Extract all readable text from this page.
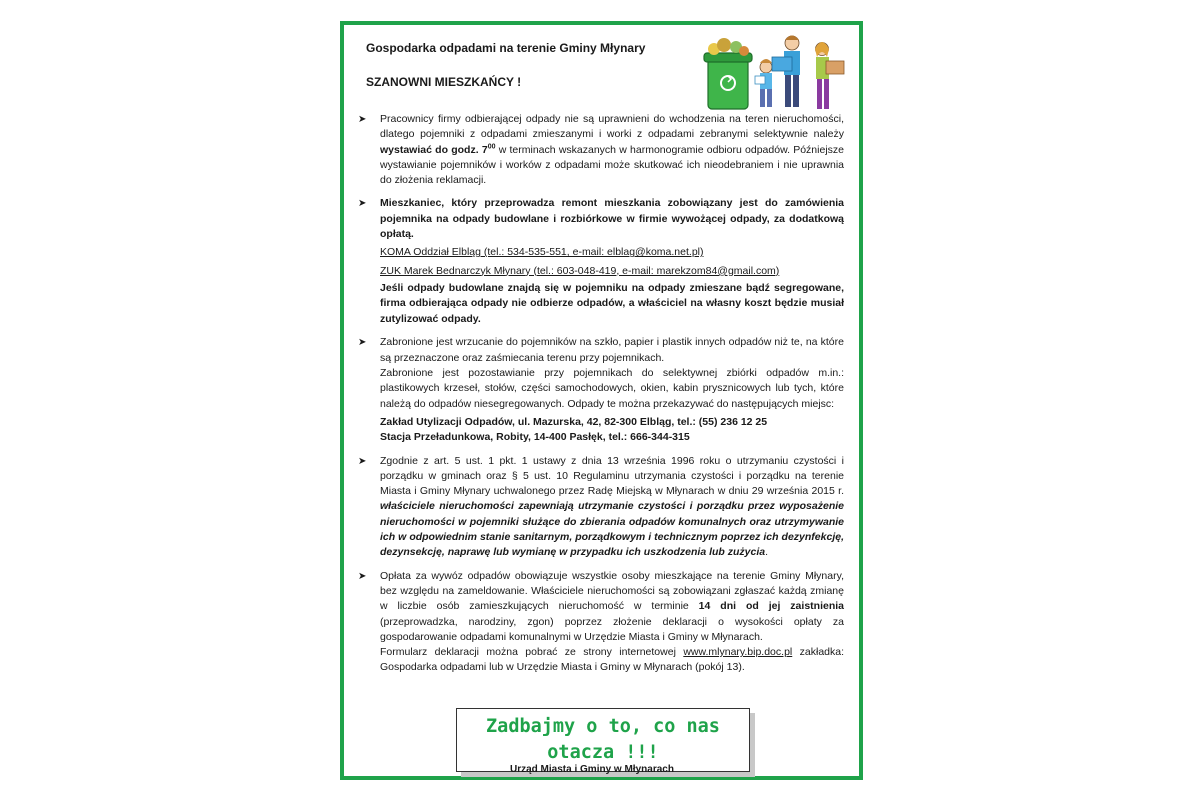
Gospodarka odpadami na terenie Gminy Młynary

SZANOWNI MIESZKAŃCY !

➤ Pracownicy firmy odbierającej odpady nie są uprawnieni do wchodzenia na teren nieruchomości, dlatego pojemniki z odpadami zmieszanymi i worki z odpadami zebranymi selektywnie należy wystawiać do godz. $7^{00}$ w terminach wskazanych w harmonogramie odbioru odpadów. Późniejsze wystawianie pojemników i worków z odpadami może skutkować ich nieodebraniem i nie uprawnia do złożenia reklamacji.
➤ Mieszkaniec, który przeprowadza remont mieszkania zobowiązany jest do zamówienia pojemnika na odpady budowlane i rozbiórkowe w firmie wywożącej odpady, za dodatkową opłatą.
KOMA Oddział Elbląg (tel.: 534-535-551, e-mail: elblag@koma.net.pl)
ZUK Marek Bednarczyk Młynary (tel.: 603-048-419, e-mail: marekzom84@gmail.com)
Jeśli odpady budowlane znajdą się w pojemniku na odpady zmieszane bądź segregowane, firma odbierająca odpady nie odbierze odpadów, a właściciel na własny koszt będzie musiał zutylizować odpady.
➤ Zabronione jest wrzucanie do pojemników na szkło, papier i plastik innych odpadów niż te, na które są przeznaczone oraz zaśmiecania terenu przy pojemnikach.
Zabronione jest pozostawianie przy pojemnikach do selektywnej zbiórki odpadów m.in.: plastikowych krzeseł, stołów, części samochodowych, okien, kabin prysznicowych lub tych, które należą do odpadów niesegregowanych. Odpady te można przekazywać do następujących miejsc:
Zakład Utylizacji Odpadów, ul. Mazurska, 42, 82-300 Elbląg, tel.: (55) 236 12 25
Stacja Przeładunkowa, Robity, 14-400 Pasłęk, tel.: 666-344-315
➤ Zgodnie z art. 5 ust. 1 pkt. 1 ustawy z dnia 13 września 1996 roku o utrzymaniu czystości i porządku w gminach oraz § 5 ust. 10 Regulaminu utrzymania czystości i porządku na terenie Miasta i Gminy Młynary uchwalonego przez Radę Miejską w Młynarach w dniu 29 września 2015 r. właściciele nieruchomości zapewniają utrzymanie czystości i porządku przez wyposażenie nieruchomości w pojemniki służące do zbierania odpadów komunalnych oraz utrzymywanie ich w odpowiednim stanie sanitarnym, porządkowym i technicznym poprzez ich dezynfekcję, dezynsekcję, naprawę lub wymianę w przypadku ich uszkodzenia lub zużycia.
➤ Opłata za wywóz odpadów obowiązuje wszystkie osoby mieszkające na terenie Gminy Młynary, bez względu na zameldowanie. Właściciele nieruchomości są zobowiązani zgłaszać każdą zmianę w liczbie osób zamieszkujących nieruchomość w terminie 14 dni od jej zaistnienia (przeprowadzka, narodziny, zgon) poprzez złożenie deklaracji o wysokości opłaty za gospodarowanie odpadami komunalnymi w Urzędzie Miasta i Gminy w Młynarach.
Formularz deklaracji można pobrać ze strony internetowej www.mlynary.bip.doc.pl zakładka: Gospodarka odpadami lub w Urzędzie Miasta i Gminy w Młynarach (pokój 13).
Zadbajmy o to, co nas otacza !!!
